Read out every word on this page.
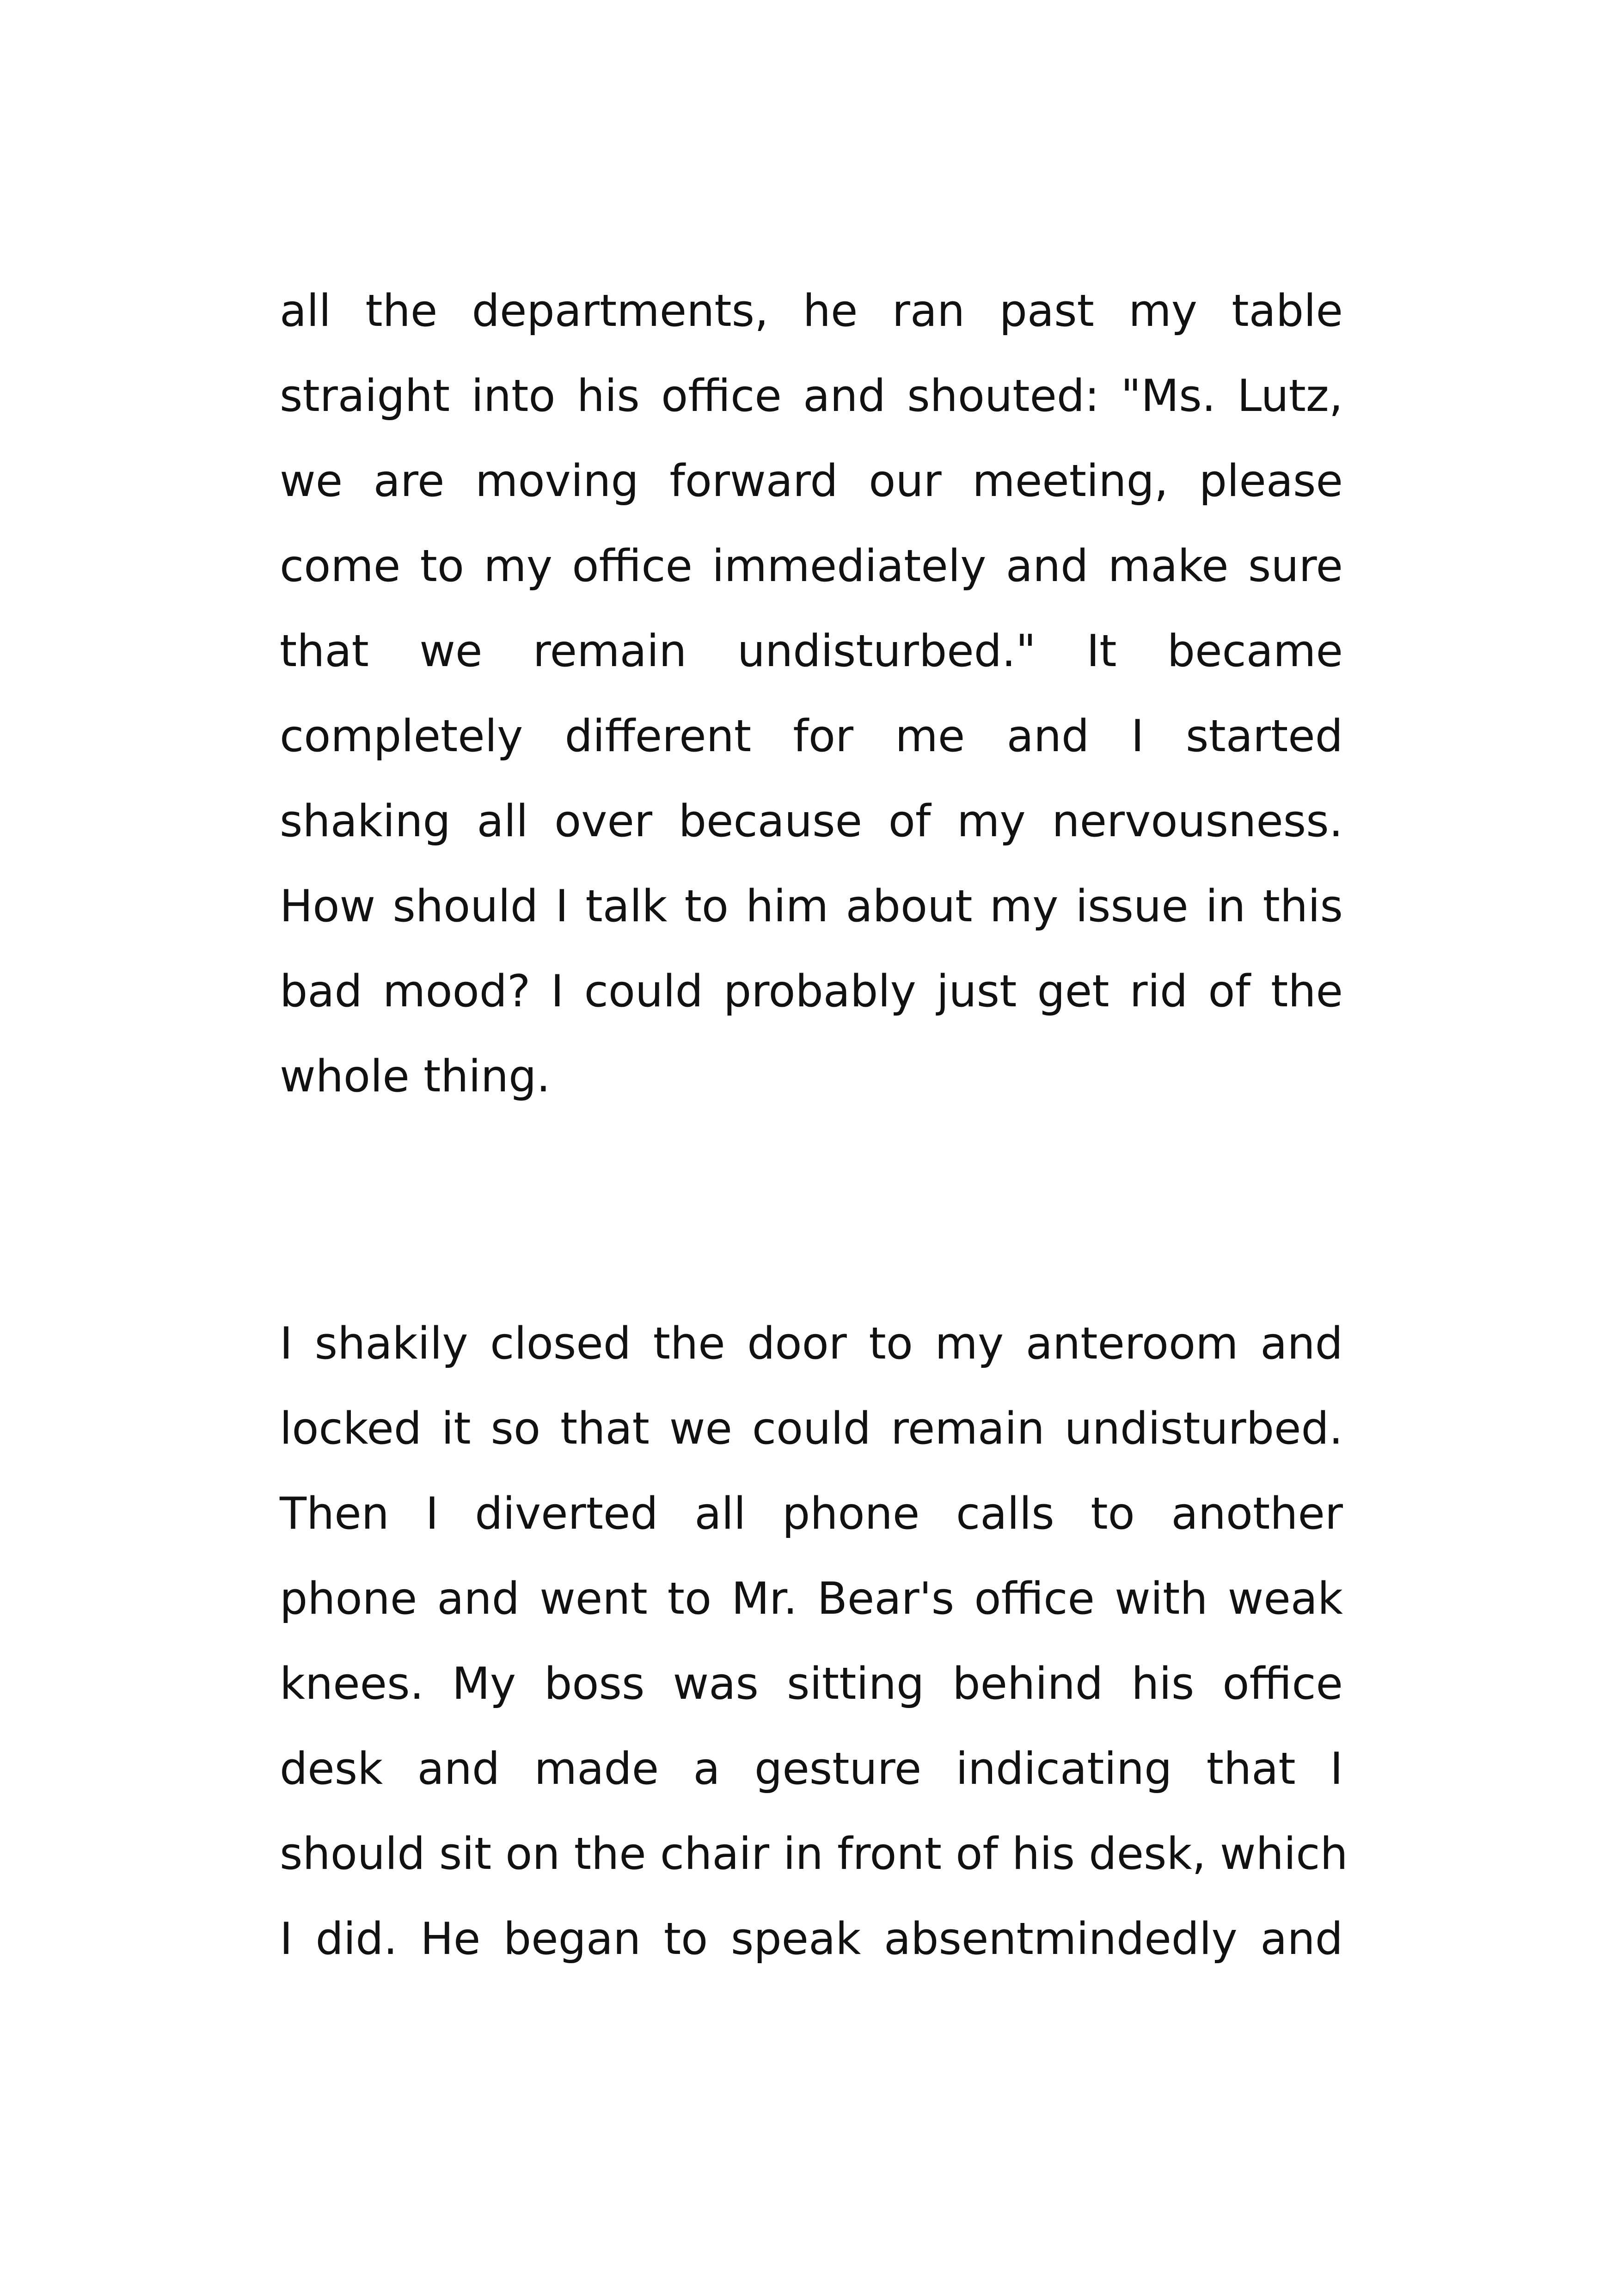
all the departments, he ran past my table

straight into his office and shouted: "Ms. Lutz,

we are moving forward our meeting, please

come to my office immediately and make sure

that we remain undisturbed." It became

completely different for me and I started

shaking all over because of my nervousness.

How should I talk to him about my issue in this

bad mood? I could probably just get rid of the

whole thing.

I shakily closed the door to my anteroom and

locked it so that we could remain undisturbed.

Then I diverted all phone calls to another

phone and went to Mr. Bear's office with weak

knees. My boss was sitting behind his office

desk and made a gesture indicating that I

should sit on the chair in front of his desk, which

I did. He began to speak absentmindedly and
